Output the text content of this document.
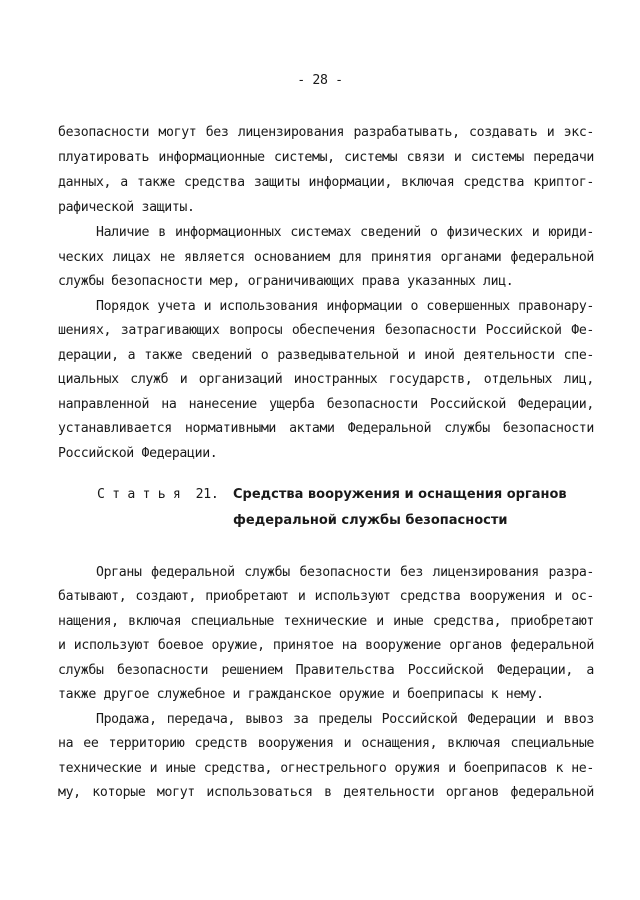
- 28 -
безопасности могут без лицензирования разрабатывать, создавать и экс-
плуатировать информационные системы, системы связи и системы передачи
данных, а также средства защиты информации, включая средства криптог-
рафической защиты.
Наличие в информационных системах сведений о физических и юриди-
ческих лицах не является основанием для принятия органами федеральной
службы безопасности мер, ограничивающих права указанных лиц.
Порядок учета и использования информации о совершенных правонару-
шениях, затрагивающих вопросы обеспечения безопасности Российской Фе-
дерации, а также сведений о разведывательной и иной деятельности спе-
циальных служб и организаций иностранных государств, отдельных лиц,
направленной на нанесение ущерба безопасности Российской Федерации,
устанавливается нормативными актами Федеральной службы безопасности
Российской Федерации.
С т а т ь я  21. Средства вооружения и оснащения органов
федеральной службы безопасности
Органы федеральной службы безопасности без лицензирования разра-
батывают, создают, приобретают и используют средства вооружения и ос-
нащения, включая специальные технические и иные средства, приобретают
и используют боевое оружие, принятое на вооружение органов федеральной
службы безопасности решением Правительства Российской Федерации, а
также другое служебное и гражданское оружие и боеприпасы к нему.
Продажа, передача, вывоз за пределы Российской Федерации и ввоз
на ее территорию средств вооружения и оснащения, включая специальные
технические и иные средства, огнестрельного оружия и боеприпасов к не-
му, которые могут использоваться в деятельности органов федеральной
